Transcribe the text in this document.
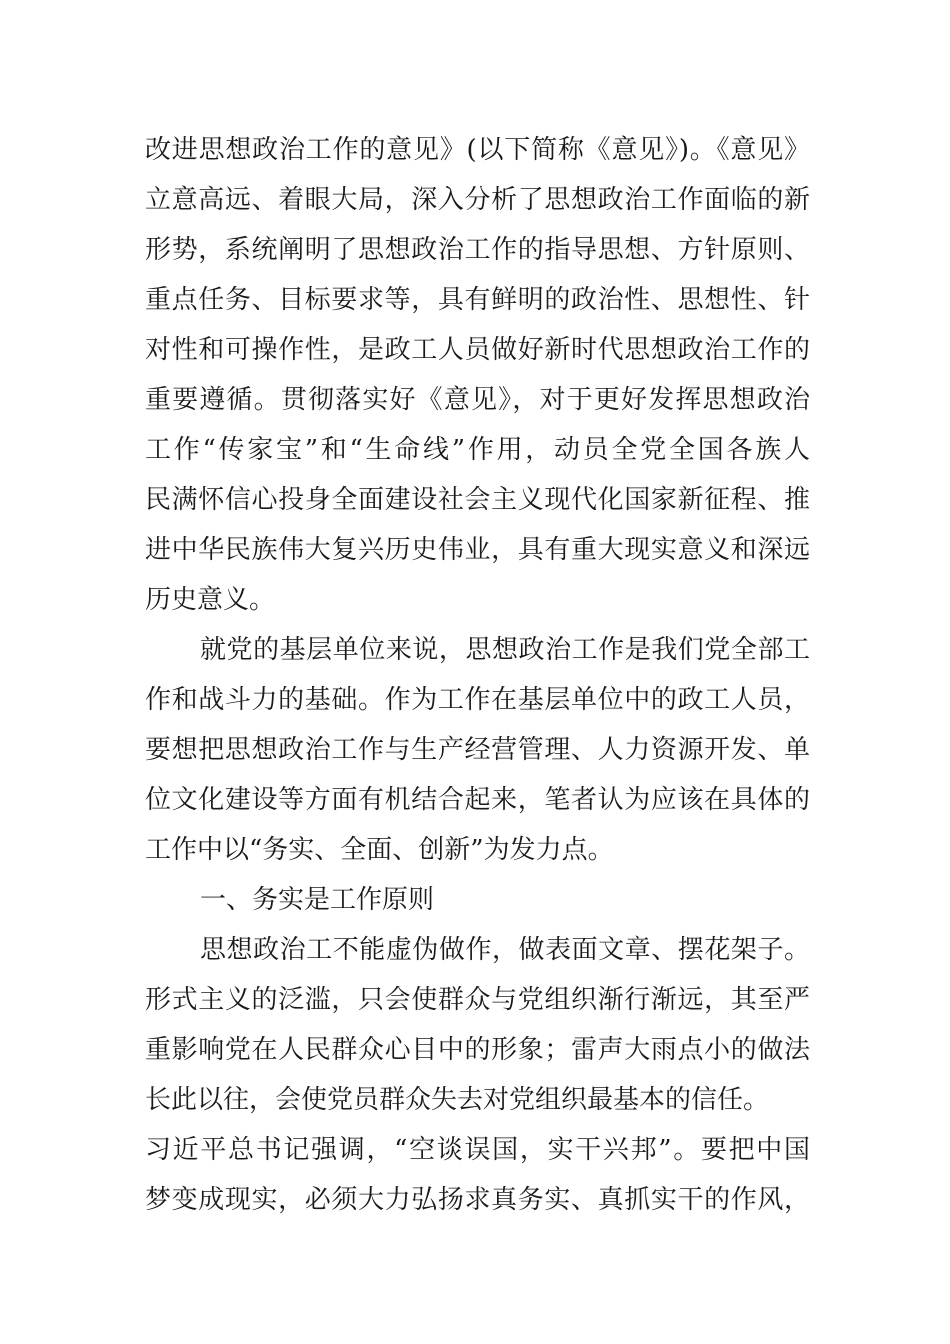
改进思想政治工作的意见》(以下简称《意见》)。《意见》
立意高远、着眼大局，深入分析了思想政治工作面临的新
形势，系统阐明了思想政治工作的指导思想、方针原则、
重点任务、目标要求等，具有鲜明的政治性、思想性、针
对性和可操作性，是政工人员做好新时代思想政治工作的
重要遵循。贯彻落实好《意见》，对于更好发挥思想政治
工作“传家宝”和“生命线”作用，动员全党全国各族人
民满怀信心投身全面建设社会主义现代化国家新征程、推
进中华民族伟大复兴历史伟业，具有重大现实意义和深远
历史意义。
就党的基层单位来说，思想政治工作是我们党全部工
作和战斗力的基础。作为工作在基层单位中的政工人员，
要想把思想政治工作与生产经营管理、人力资源开发、单
位文化建设等方面有机结合起来，笔者认为应该在具体的
工作中以“务实、全面、创新”为发力点。
一、务实是工作原则
思想政治工不能虚伪做作，做表面文章、摆花架子。
形式主义的泛滥，只会使群众与党组织渐行渐远，其至严
重影响党在人民群众心目中的形象；雷声大雨点小的做法
长此以往，会使党员群众失去对党组织最基本的信任。
习近平总书记强调，“空谈误国，实干兴邦”。要把中国
梦变成现实，必须大力弘扬求真务实、真抓实干的作风，
